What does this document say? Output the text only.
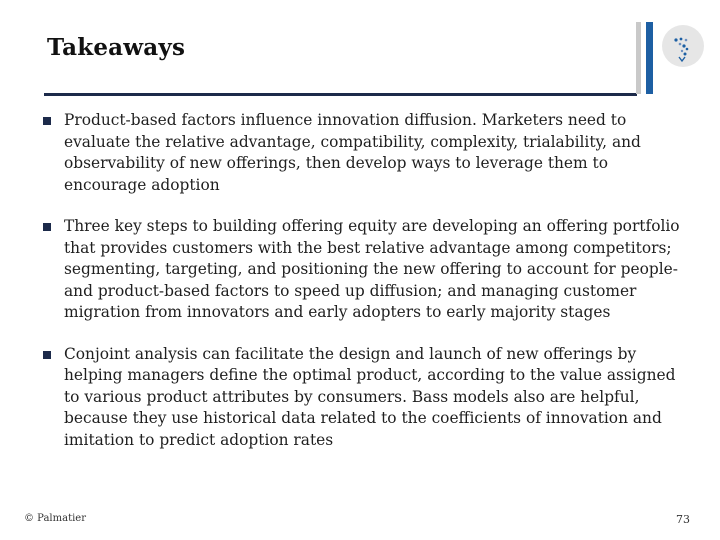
Takeaways
Product-based factors influence innovation diffusion. Marketers need to evaluate the relative advantage, compatibility, complexity, trialability, and observability of new offerings, then develop ways to leverage them to encourage adoption
Three key steps to building offering equity are developing an offering portfolio that provides customers with the best relative advantage among competitors; segmenting, targeting, and positioning the new offering to account for people- and product-based factors to speed up diffusion; and managing customer migration from innovators and early adopters to early majority stages
Conjoint analysis can facilitate the design and launch of new offerings by helping managers define the optimal product, according to the value assigned to various product attributes by consumers. Bass models also are helpful, because they use historical data related to the coefficients of innovation and imitation to predict adoption rates
© Palmatier	73
